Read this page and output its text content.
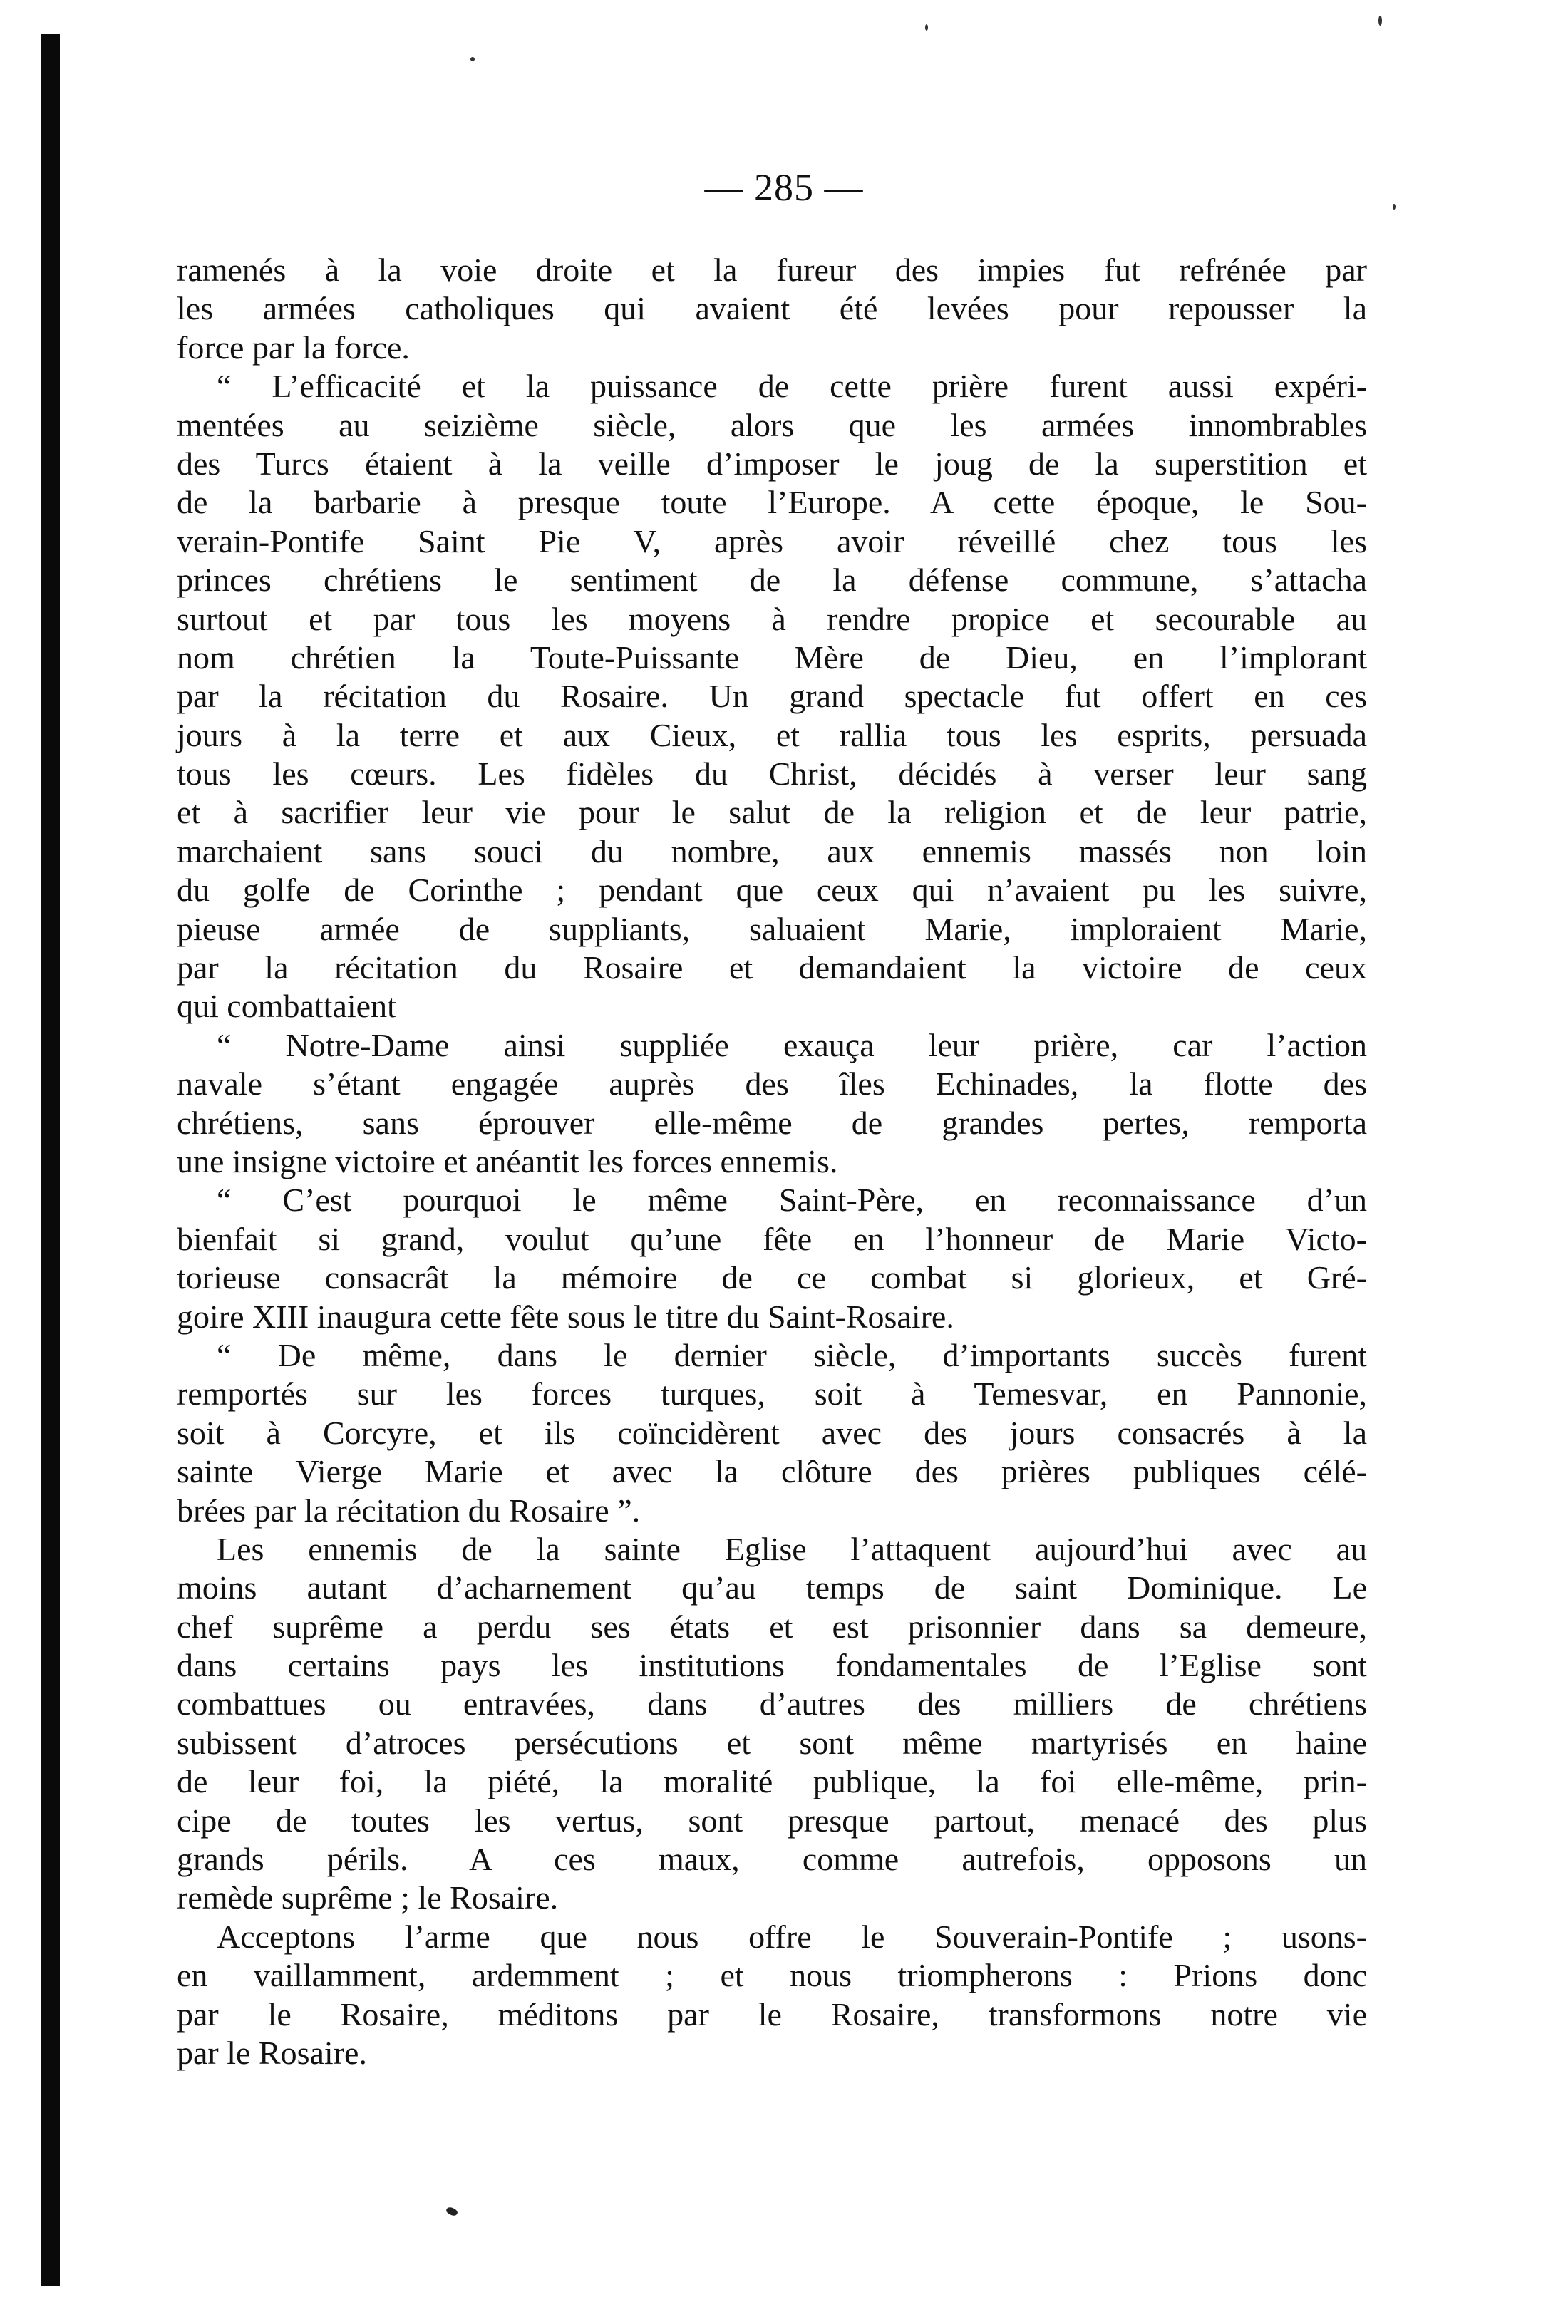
— 285 —
ramenés à la voie droite et la fureur des impies fut refrénée par
les armées catholiques qui avaient été levées pour repousser la
force par la force.
“ L’efficacité et la puissance de cette prière furent aussi expéri-
mentées au seizième siècle, alors que les armées innombrables
des Turcs étaient à la veille d’imposer le joug de la superstition et
de la barbarie à presque toute l’Europe. A cette époque, le Sou-
verain-Pontife Saint Pie V, après avoir réveillé chez tous les
princes chrétiens le sentiment de la défense commune, s’attacha
surtout et par tous les moyens à rendre propice et secourable au
nom chrétien la Toute-Puissante Mère de Dieu, en l’implorant
par la récitation du Rosaire. Un grand spectacle fut offert en ces
jours à la terre et aux Cieux, et rallia tous les esprits, persuada
tous les cœurs. Les fidèles du Christ, décidés à verser leur sang
et à sacrifier leur vie pour le salut de la religion et de leur patrie,
marchaient sans souci du nombre, aux ennemis massés non loin
du golfe de Corinthe ; pendant que ceux qui n’avaient pu les suivre,
pieuse armée de suppliants, saluaient Marie, imploraient Marie,
par la récitation du Rosaire et demandaient la victoire de ceux
qui combattaient
“ Notre-Dame ainsi suppliée exauça leur prière, car l’action
navale s’étant engagée auprès des îles Echinades, la flotte des
chrétiens, sans éprouver elle-même de grandes pertes, remporta
une insigne victoire et anéantit les forces ennemis.
“ C’est pourquoi le même Saint-Père, en reconnaissance d’un
bienfait si grand, voulut qu’une fête en l’honneur de Marie Victo-
torieuse consacrât la mémoire de ce combat si glorieux, et Gré-
goire XIII inaugura cette fête sous le titre du Saint-Rosaire.
“ De même, dans le dernier siècle, d’importants succès furent
remportés sur les forces turques, soit à Temesvar, en Pannonie,
soit à Corcyre, et ils coïncidèrent avec des jours consacrés à la
sainte Vierge Marie et avec la clôture des prières publiques célé-
brées par la récitation du Rosaire ”.
Les ennemis de la sainte Eglise l’attaquent aujourd’hui avec au
moins autant d’acharnement qu’au temps de saint Dominique. Le
chef suprême a perdu ses états et est prisonnier dans sa demeure,
dans certains pays les institutions fondamentales de l’Eglise sont
combattues ou entravées, dans d’autres des milliers de chrétiens
subissent d’atroces persécutions et sont même martyrisés en haine
de leur foi, la piété, la moralité publique, la foi elle-même, prin-
cipe de toutes les vertus, sont presque partout, menacé des plus
grands périls. A ces maux, comme autrefois, opposons un
remède suprême ; le Rosaire.
Acceptons l’arme que nous offre le Souverain-Pontife ; usons-
en vaillamment, ardemment ; et nous triompherons : Prions donc
par le Rosaire, méditons par le Rosaire, transformons notre vie
par le Rosaire.
